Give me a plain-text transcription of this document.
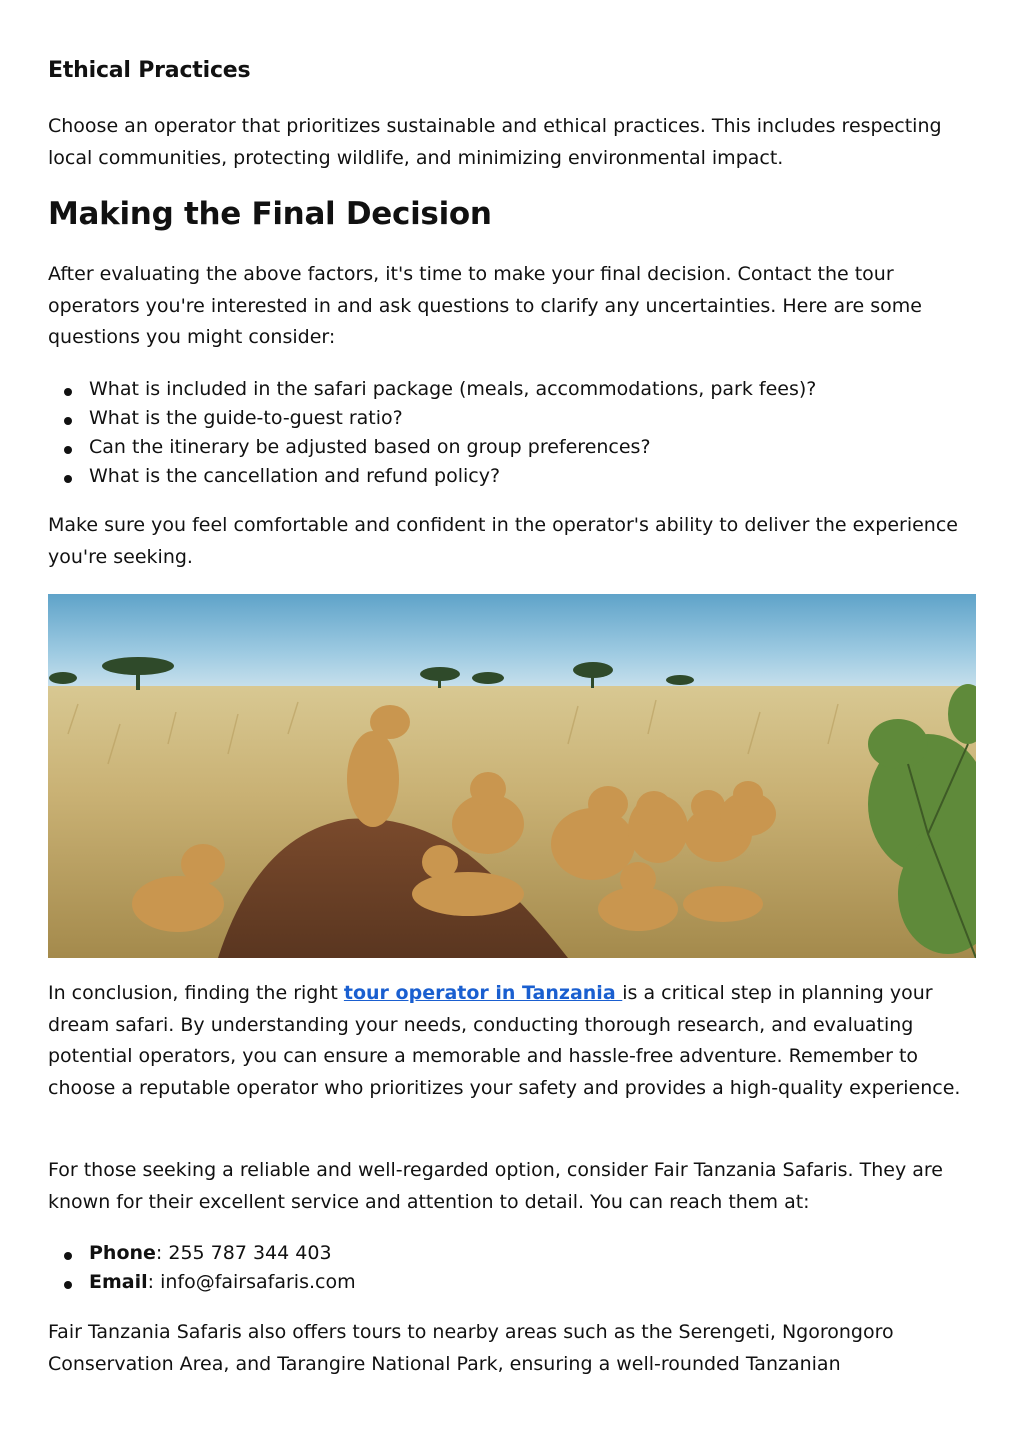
Ethical Practices

Choose an operator that prioritizes sustainable and ethical practices. This includes respecting local communities, protecting wildlife, and minimizing environmental impact.

Making the Final Decision

After evaluating the above factors, it's time to make your final decision. Contact the tour operators you're interested in and ask questions to clarify any uncertainties. Here are some questions you might consider:

What is included in the safari package (meals, accommodations, park fees)?
What is the guide-to-guest ratio?
Can the itinerary be adjusted based on group preferences?
What is the cancellation and refund policy?

Make sure you feel comfortable and confident in the operator's ability to deliver the experience you're seeking.

In conclusion, finding the right tour operator in Tanzania is a critical step in planning your dream safari. By understanding your needs, conducting thorough research, and evaluating potential operators, you can ensure a memorable and hassle-free adventure. Remember to choose a reputable operator who prioritizes your safety and provides a high-quality experience.

For those seeking a reliable and well-regarded option, consider Fair Tanzania Safaris. They are known for their excellent service and attention to detail. You can reach them at:

Phone: 255 787 344 403
Email: info@fairsafaris.com

Fair Tanzania Safaris also offers tours to nearby areas such as the Serengeti, Ngorongoro Conservation Area, and Tarangire National Park, ensuring a well-rounded Tanzanian
